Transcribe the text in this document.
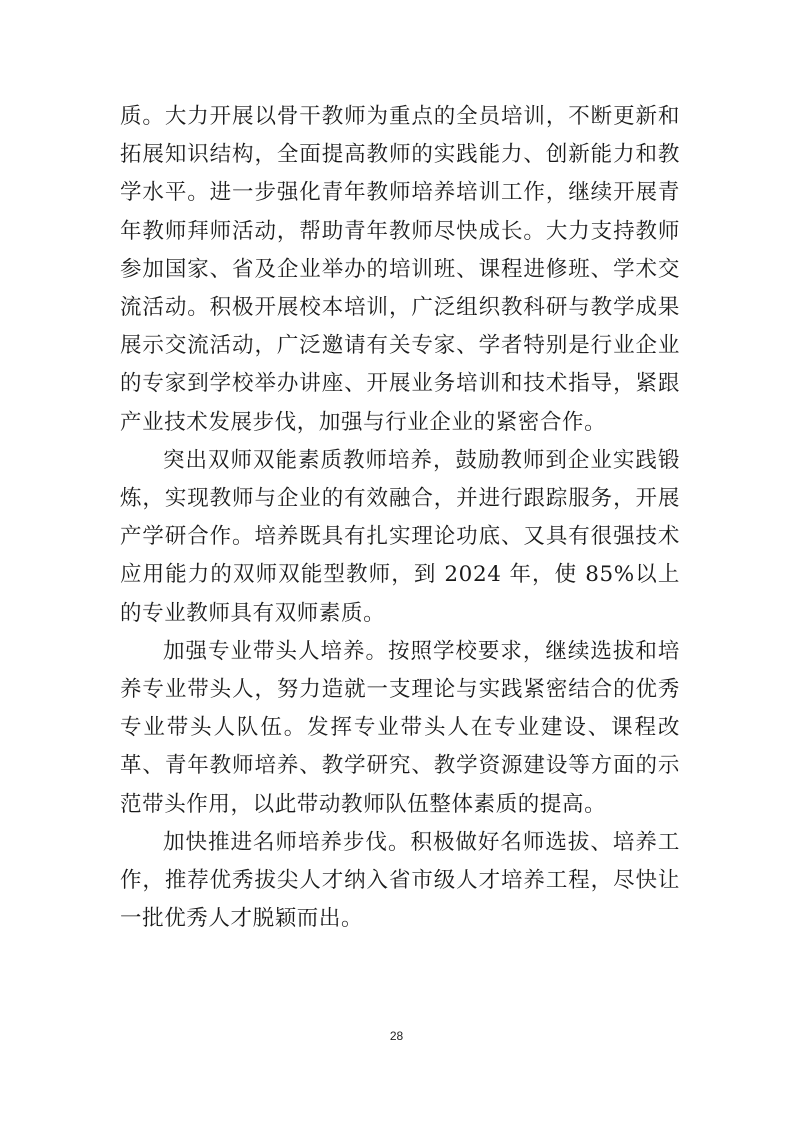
质。大力开展以骨干教师为重点的全员培训，不断更新和拓展知识结构，全面提高教师的实践能力、创新能力和教学水平。进一步强化青年教师培养培训工作，继续开展青年教师拜师活动，帮助青年教师尽快成长。大力支持教师参加国家、省及企业举办的培训班、课程进修班、学术交流活动。积极开展校本培训，广泛组织教科研与教学成果展示交流活动，广泛邀请有关专家、学者特别是行业企业的专家到学校举办讲座、开展业务培训和技术指导，紧跟产业技术发展步伐，加强与行业企业的紧密合作。

突出双师双能素质教师培养，鼓励教师到企业实践锻炼，实现教师与企业的有效融合，并进行跟踪服务，开展产学研合作。培养既具有扎实理论功底、又具有很强技术应用能力的双师双能型教师，到 2024 年，使 85%以上的专业教师具有双师素质。

加强专业带头人培养。按照学校要求，继续选拔和培养专业带头人，努力造就一支理论与实践紧密结合的优秀专业带头人队伍。发挥专业带头人在专业建设、课程改革、青年教师培养、教学研究、教学资源建设等方面的示范带头作用，以此带动教师队伍整体素质的提高。

加快推进名师培养步伐。积极做好名师选拔、培养工作，推荐优秀拔尖人才纳入省市级人才培养工程，尽快让一批优秀人才脱颖而出。

28
